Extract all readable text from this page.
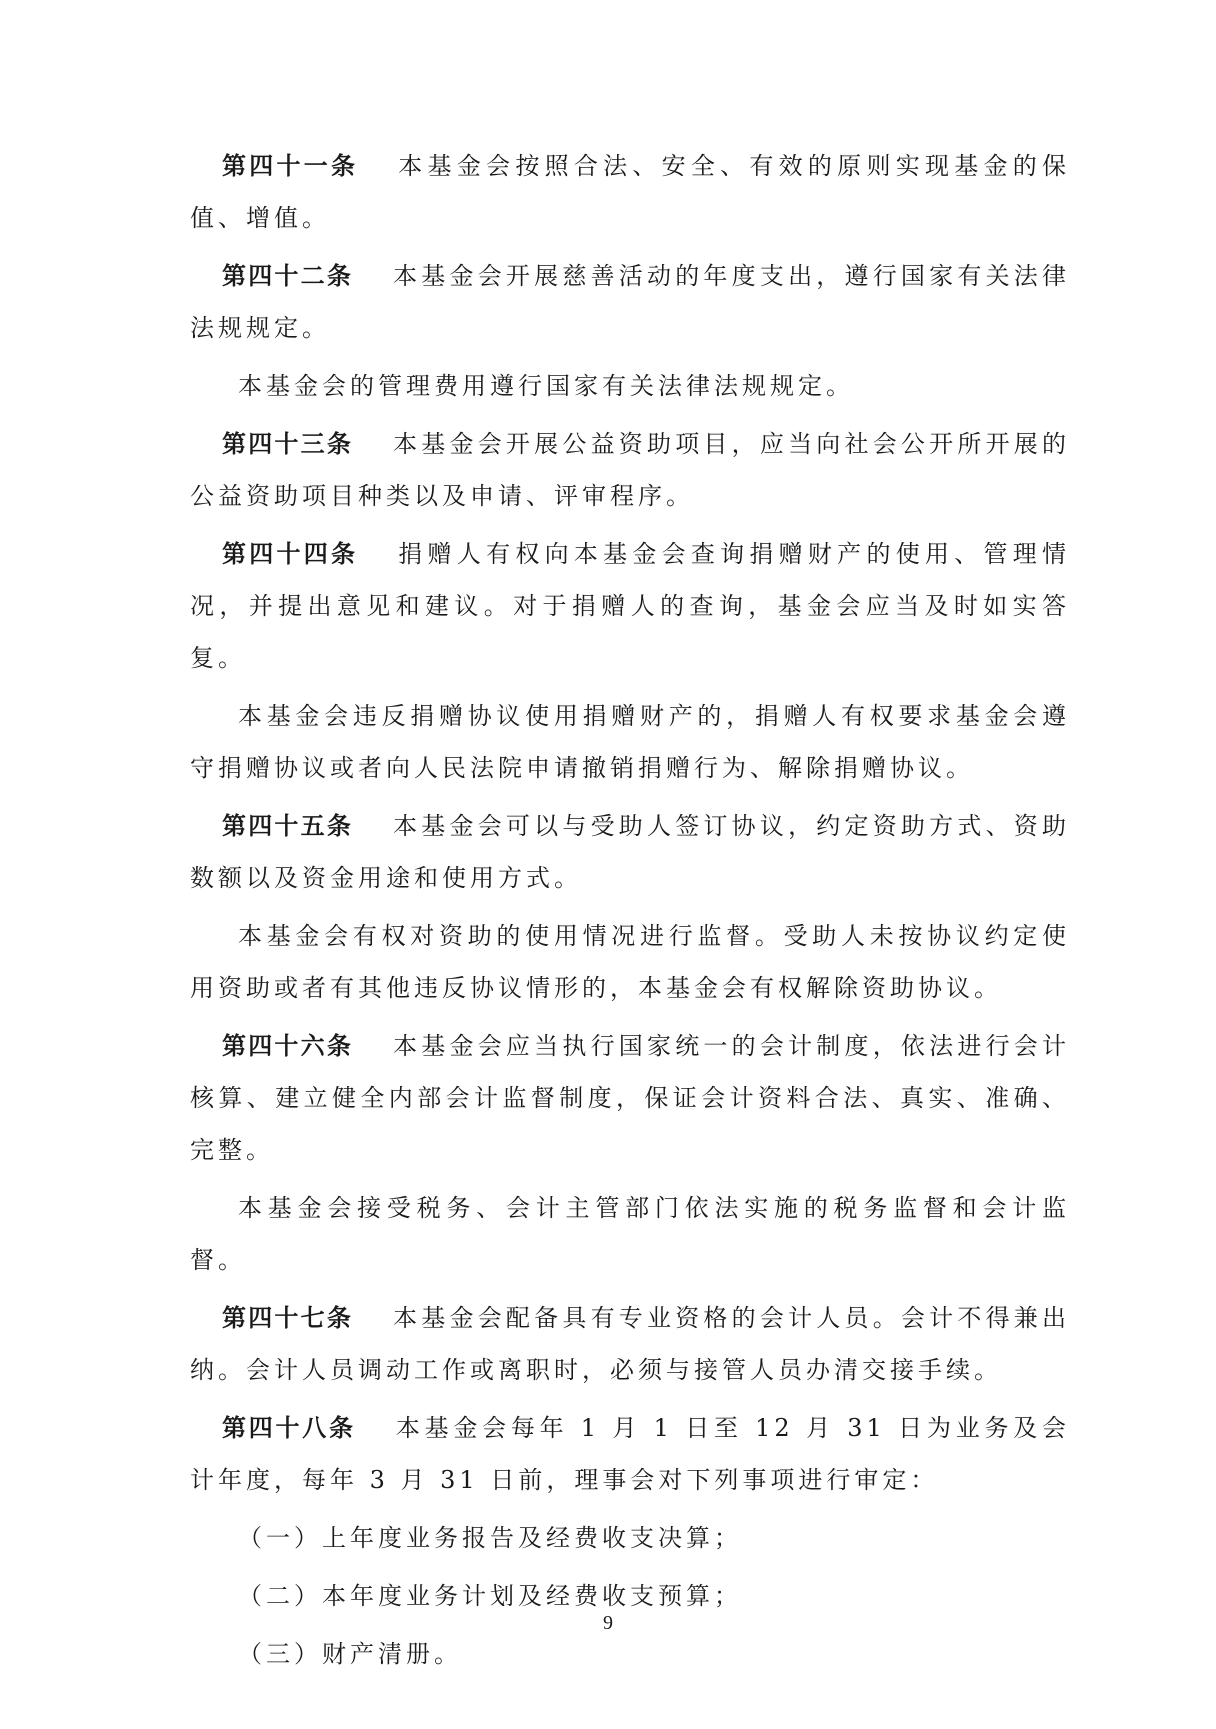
第四十一条 本基金会按照合法、安全、有效的原则实现基金的保值、增值。

第四十二条 本基金会开展慈善活动的年度支出，遵行国家有关法律法规规定。

本基金会的管理费用遵行国家有关法律法规规定。

第四十三条 本基金会开展公益资助项目，应当向社会公开所开展的公益资助项目种类以及申请、评审程序。

第四十四条 捐赠人有权向本基金会查询捐赠财产的使用、管理情况，并提出意见和建议。对于捐赠人的查询，基金会应当及时如实答复。

本基金会违反捐赠协议使用捐赠财产的，捐赠人有权要求基金会遵守捐赠协议或者向人民法院申请撤销捐赠行为、解除捐赠协议。

第四十五条 本基金会可以与受助人签订协议，约定资助方式、资助数额以及资金用途和使用方式。

本基金会有权对资助的使用情况进行监督。受助人未按协议约定使用资助或者有其他违反协议情形的，本基金会有权解除资助协议。

第四十六条 本基金会应当执行国家统一的会计制度，依法进行会计核算、建立健全内部会计监督制度，保证会计资料合法、真实、准确、完整。

本基金会接受税务、会计主管部门依法实施的税务监督和会计监督。

第四十七条 本基金会配备具有专业资格的会计人员。会计不得兼出纳。会计人员调动工作或离职时，必须与接管人员办清交接手续。

第四十八条 本基金会每年 1 月 1 日至 12 月 31 日为业务及会计年度，每年 3 月 31 日前，理事会对下列事项进行审定：

（一）上年度业务报告及经费收支决算；

（二）本年度业务计划及经费收支预算；

（三）财产清册。

9
